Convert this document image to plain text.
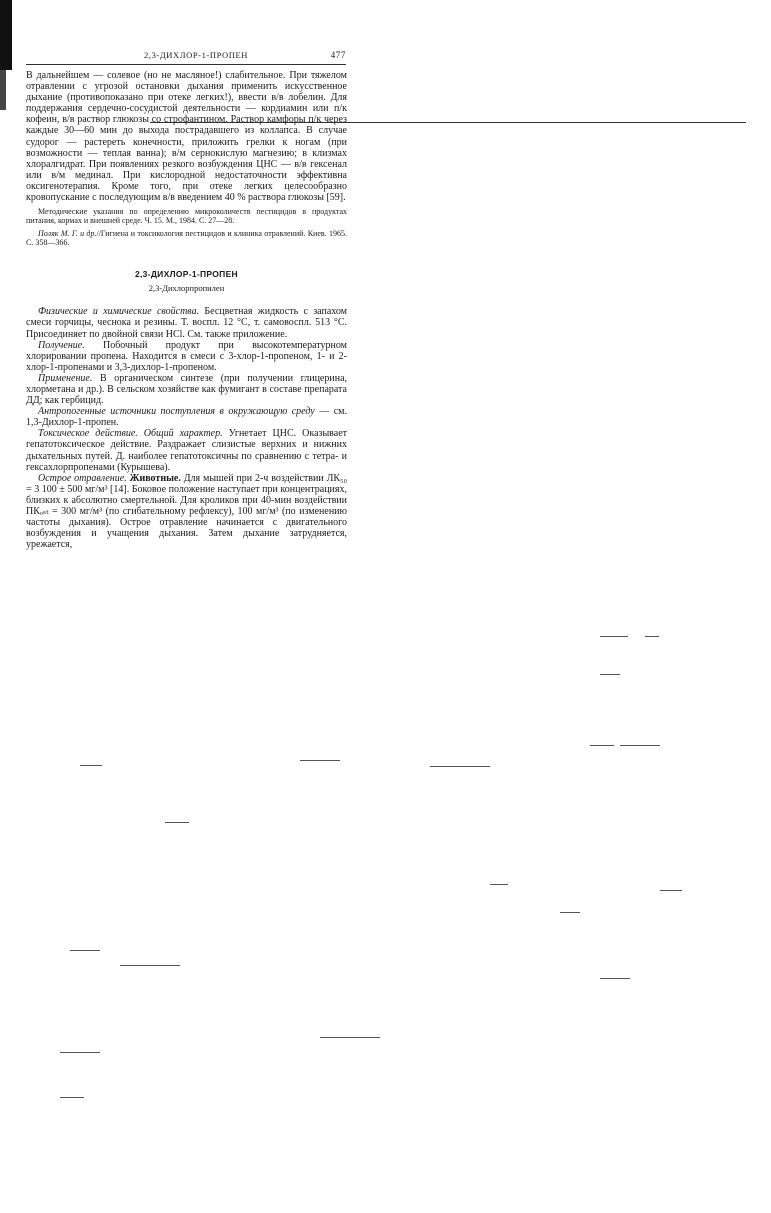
2,3-ДИХЛОР-1-ПРОПЕН	477

В дальнейшем — солевое (но не масляное!) слабительное. При тяжелом отравлении с угрозой остановки дыхания применить искусственное дыхание (противопоказано при отеке легких!), ввести в/в лобелин. Для поддержания сердечно-сосудистой деятельности — кордиамин или п/к кофеин, в/в раствор глюкозы со строфантином. Раствор камфоры п/к через каждые 30—60 мин до выхода пострадавшего из коллапса. В случае судорог — растереть конечности, приложить грелки к ногам (при возможности — теплая ванна); в/м сернокислую магнезию; в клизмах хлоралгидрат. При появлениях резкого возбуждения ЦНС — в/в гексенал или в/м мединал. При кислородной недостаточности эффективна оксигенотерапия. Кроме того, при отеке легких целесообразно кровопускание с последующим в/в введением 40 % раствора глюкозы [59].

Методические указания по определению микроколичеств пестицидов в продуктах питания, кормах и внешней среде. Ч. 15. М., 1984. С. 27—28.

Поляк М. Г. и др.//Гигиена и токсикология пестицидов и клиника отравлений. Киев. 1965. С. 358—366.

2,3-ДИХЛОР-1-ПРОПЕН

2,3-Дихлорпропилен

Физические и химические свойства. Бесцветная жидкость с запахом смеси горчицы, чеснока и резины. Т. воспл. 12 °С, т. самовоспл. 513 °С. Присоединяет по двойной связи HCl. См. также приложение.

Получение. Побочный продукт при высокотемпературном хлорировании пропена. Находится в смеси с 3-хлор-1-пропеном, 1- и 2-хлор-1-пропенами и 3,3-дихлор-1-пропеном.

Применение. В органическом синтезе (при получении глицерина, хлорметана и др.). В сельском хозяйстве как фумигант в составе препарата ДД; как гербицид.

Антропогенные источники поступления в окружающую среду — см. 1,3-Дихлор-1-пропен.

Токсическое действие. Общий характер. Угнетает ЦНС. Оказывает гепатотоксическое действие. Раздражает слизистые верхних и нижних дыхательных путей. Д. наиболее гепатотоксичны по сравнению с тетра- и гексахлорпропенами (Курышева).

Острое отравление. Животные. Для мышей при 2-ч воздействии ЛК₅₀ = 3 100 ± 500 мг/м³ [14]. Боковое положение наступает при концентрациях, близких к абсолютно смертельной. Для кроликов при 40-мин воздействии ПКₒₛₜ = 300 мг/м³ (по сгибательному рефлексу), 100 мг/м³ (по изменению частоты дыхания). Острое отравление начинается с двигательного возбуждения и учащения дыхания. Затем дыхание затрудняется, урежается,
